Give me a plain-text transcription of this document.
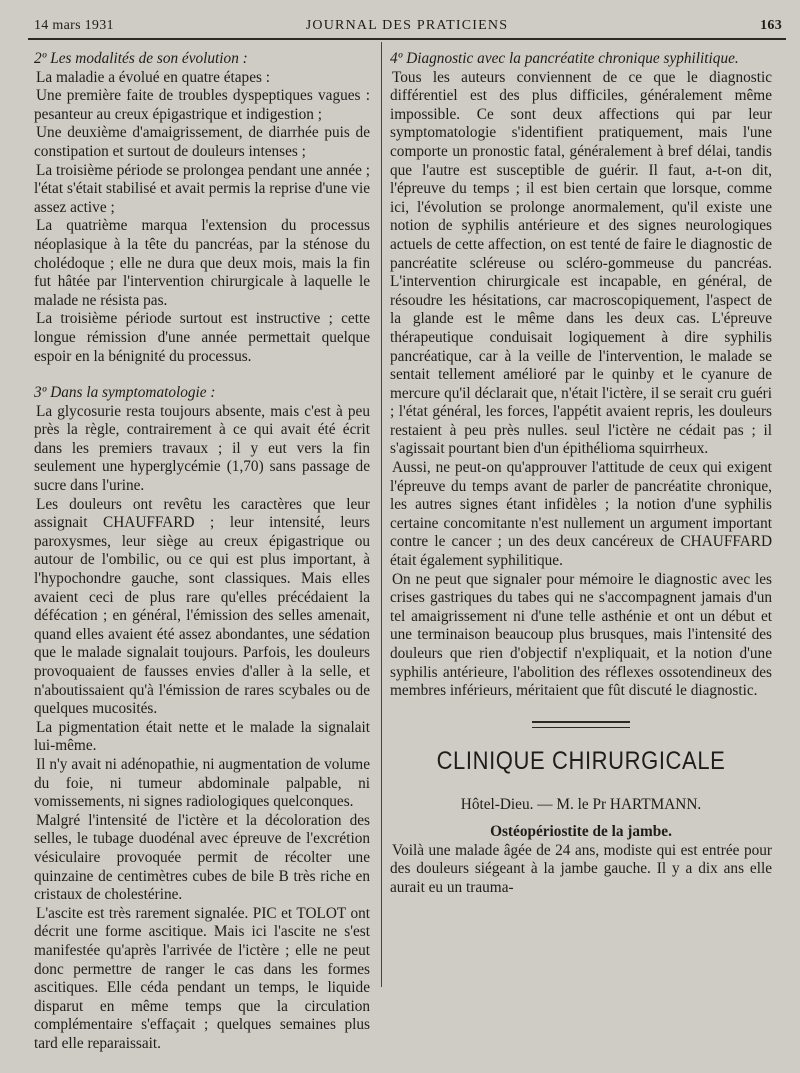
14 mars 1931	JOURNAL DES PRATICIENS	163

2º Les modalités de son évolution :

La maladie a évolué en quatre étapes :

Une première faite de troubles dyspeptiques vagues : pesanteur au creux épigastrique et indigestion ;

Une deuxième d'amaigrissement, de diarrhée puis de constipation et surtout de douleurs intenses ;

La troisième période se prolongea pendant une année ; l'état s'était stabilisé et avait permis la reprise d'une vie assez active ;

La quatrième marqua l'extension du processus néoplasique à la tête du pancréas, par la sténose du cholédoque ; elle ne dura que deux mois, mais la fin fut hâtée par l'intervention chirurgicale à laquelle le malade ne résista pas.

La troisième période surtout est instructive ; cette longue rémission d'une année permettait quelque espoir en la bénignité du processus.

3º Dans la symptomatologie :

La glycosurie resta toujours absente, mais c'est à peu près la règle, contrairement à ce qui avait été écrit dans les premiers travaux ; il y eut vers la fin seulement une hyperglycémie (1,70) sans passage de sucre dans l'urine.

Les douleurs ont revêtu les caractères que leur assignait CHAUFFARD ; leur intensité, leurs paroxysmes, leur siège au creux épigastrique ou autour de l'ombilic, ou ce qui est plus important, à l'hypochondre gauche, sont classiques. Mais elles avaient ceci de plus rare qu'elles précédaient la défécation ; en général, l'émission des selles amenait, quand elles avaient été assez abondantes, une sédation que le malade signalait toujours. Parfois, les douleurs provoquaient de fausses envies d'aller à la selle, et n'aboutissaient qu'à l'émission de rares scybales ou de quelques mucosités.

La pigmentation était nette et le malade la signalait lui-même.

Il n'y avait ni adénopathie, ni augmentation de volume du foie, ni tumeur abdominale palpable, ni vomissements, ni signes radiologiques quelconques.

Malgré l'intensité de l'ictère et la décoloration des selles, le tubage duodénal avec épreuve de l'excrétion vésiculaire provoquée permit de récolter une quinzaine de centimètres cubes de bile B très riche en cristaux de cholestérine.

L'ascite est très rarement signalée. PIC et TOLOT ont décrit une forme ascitique. Mais ici l'ascite ne s'est manifestée qu'après l'arrivée de l'ictère ; elle ne peut donc permettre de ranger le cas dans les formes ascitiques. Elle céda pendant un temps, le liquide disparut en même temps que la circulation complémentaire s'effaçait ; quelques semaines plus tard elle reparaissait.

4º Diagnostic avec la pancréatite chronique syphilitique.

Tous les auteurs conviennent de ce que le diagnostic différentiel est des plus difficiles, généralement même impossible. Ce sont deux affections qui par leur symptomatologie s'identifient pratiquement, mais l'une comporte un pronostic fatal, généralement à bref délai, tandis que l'autre est susceptible de guérir. Il faut, a-t-on dit, l'épreuve du temps ; il est bien certain que lorsque, comme ici, l'évolution se prolonge anormalement, qu'il existe une notion de syphilis antérieure et des signes neurologiques actuels de cette affection, on est tenté de faire le diagnostic de pancréatite scléreuse ou scléro-gommeuse du pancréas. L'intervention chirurgicale est incapable, en général, de résoudre les hésitations, car macroscopiquement, l'aspect de la glande est le même dans les deux cas. L'épreuve thérapeutique conduisait logiquement à dire syphilis pancréatique, car à la veille de l'intervention, le malade se sentait tellement amélioré par le quinby et le cyanure de mercure qu'il déclarait que, n'était l'ictère, il se serait cru guéri ; l'état général, les forces, l'appétit avaient repris, les douleurs restaient à peu près nulles. seul l'ictère ne cédait pas ; il s'agissait pourtant bien d'un épithélioma squirrheux.

Aussi, ne peut-on qu'approuver l'attitude de ceux qui exigent l'épreuve du temps avant de parler de pancréatite chronique, les autres signes étant infidèles ; la notion d'une syphilis certaine concomitante n'est nullement un argument important contre le cancer ; un des deux cancéreux de CHAUFFARD était également syphilitique.

On ne peut que signaler pour mémoire le diagnostic avec les crises gastriques du tabes qui ne s'accompagnent jamais d'un tel amaigrissement ni d'une telle asthénie et ont un début et une terminaison beaucoup plus brusques, mais l'intensité des douleurs que rien d'objectif n'expliquait, et la notion d'une syphilis antérieure, l'abolition des réflexes ossotendineux des membres inférieurs, méritaient que fût discuté le diagnostic.

CLINIQUE CHIRURGICALE
Hôtel-Dieu. — M. le Pr HARTMANN.
Ostéopériostite de la jambe.

Voilà une malade âgée de 24 ans, modiste qui est entrée pour des douleurs siégeant à la jambe gauche. Il y a dix ans elle aurait eu un trauma-
